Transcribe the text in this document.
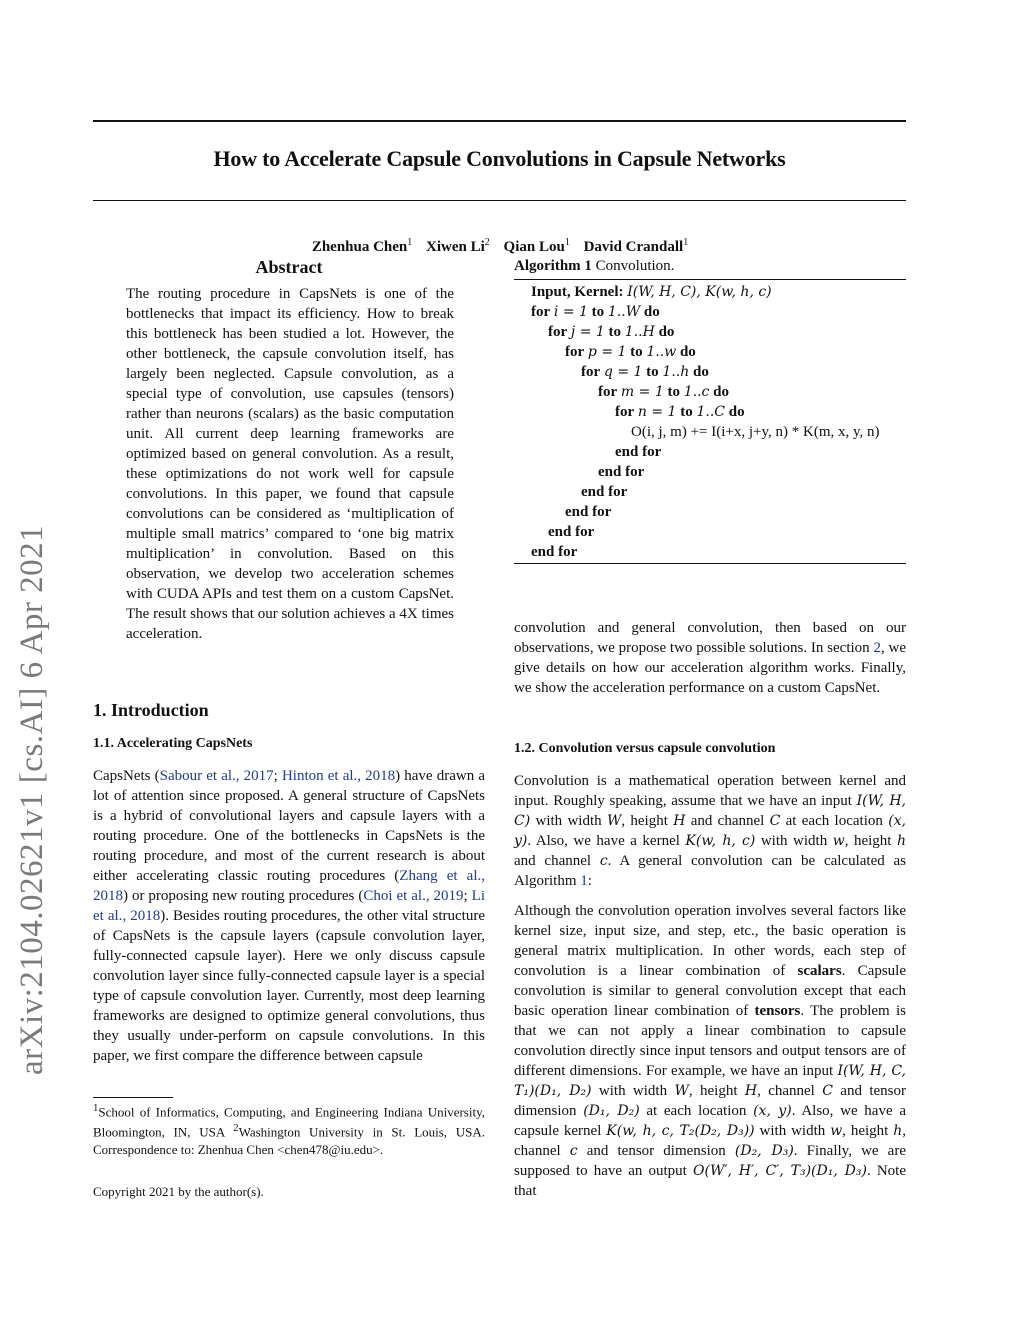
arXiv:2104.02621v1 [cs.AI] 6 Apr 2021
How to Accelerate Capsule Convolutions in Capsule Networks
Zhenhua Chen$^1$ Xiwen Li$^2$ Qian Lou$^1$ David Crandall$^1$
Abstract
The routing procedure in CapsNets is one of the bottlenecks that impact its efficiency. How to break this bottleneck has been studied a lot. However, the other bottleneck, the capsule convolution itself, has largely been neglected. Capsule convolution, as a special type of convolution, use capsules (tensors) rather than neurons (scalars) as the basic computation unit. All current deep learning frameworks are optimized based on general convolution. As a result, these optimizations do not work well for capsule convolutions. In this paper, we found that capsule convolutions can be considered as ‘multiplication of multiple small matrics’ compared to ‘one big matrix multiplication’ in convolution. Based on this observation, we develop two acceleration schemes with CUDA APIs and test them on a custom CapsNet. The result shows that our solution achieves a 4X times acceleration.
1. Introduction
1.1. Accelerating CapsNets

CapsNets (Sabour et al., 2017; Hinton et al., 2018) have drawn a lot of attention since proposed. A general structure of CapsNets is a hybrid of convolutional layers and capsule layers with a routing procedure. One of the bottlenecks in CapsNets is the routing procedure, and most of the current research is about either accelerating classic routing procedures (Zhang et al., 2018) or proposing new routing procedures (Choi et al., 2019; Li et al., 2018). Besides routing procedures, the other vital structure of CapsNets is the capsule layers (capsule convolution layer, fully-connected capsule layer). Here we only discuss capsule convolution layer since fully-connected capsule layer is a special type of capsule convolution layer. Currently, most deep learning frameworks are designed to optimize general convolutions, thus they usually under-perform on capsule convolutions. In this paper, we first compare the difference between capsule

$^1$School of Informatics, Computing, and Engineering Indiana University, Bloomington, IN, USA $^2$Washington University in St. Louis, USA. Correspondence to: Zhenhua Chen <chen478@iu.edu>.
Copyright 2021 by the author(s).
Algorithm 1 Convolution.
Input, Kernel: I(W, H, C), K(w, h, c)
for i = 1 to 1..W do
for j = 1 to 1..H do
for p = 1 to 1..w do
for q = 1 to 1..h do
for m = 1 to 1..c do
for n = 1 to 1..C do
O(i, j, m) += I(i+x, j+y, n) * K(m, x, y, n)
end for
end for
end for
end for
end for
end for

convolution and general convolution, then based on our observations, we propose two possible solutions. In section 2, we give details on how our acceleration algorithm works. Finally, we show the acceleration performance on a custom CapsNet.

1.2. Convolution versus capsule convolution

Convolution is a mathematical operation between kernel and input. Roughly speaking, assume that we have an input I(W, H, C) with width W, height H and channel C at each location (x, y). Also, we have a kernel K(w, h, c) with width w, height h and channel c. A general convolution can be calculated as Algorithm 1:

Although the convolution operation involves several factors like kernel size, input size, and step, etc., the basic operation is general matrix multiplication. In other words, each step of convolution is a linear combination of scalars. Capsule convolution is similar to general convolution except that each basic operation linear combination of tensors. The problem is that we can not apply a linear combination to capsule convolution directly since input tensors and output tensors are of different dimensions. For example, we have an input I(W, H, C, T₁)(D₁, D₂) with width W, height H, channel C and tensor dimension (D₁, D₂) at each location (x, y). Also, we have a capsule kernel K(w, h, c, T₂(D₂, D₃)) with width w, height h, channel c and tensor dimension (D₂, D₃). Finally, we are supposed to have an output O(W′, H′, C′, T₃)(D₁, D₃). Note that
